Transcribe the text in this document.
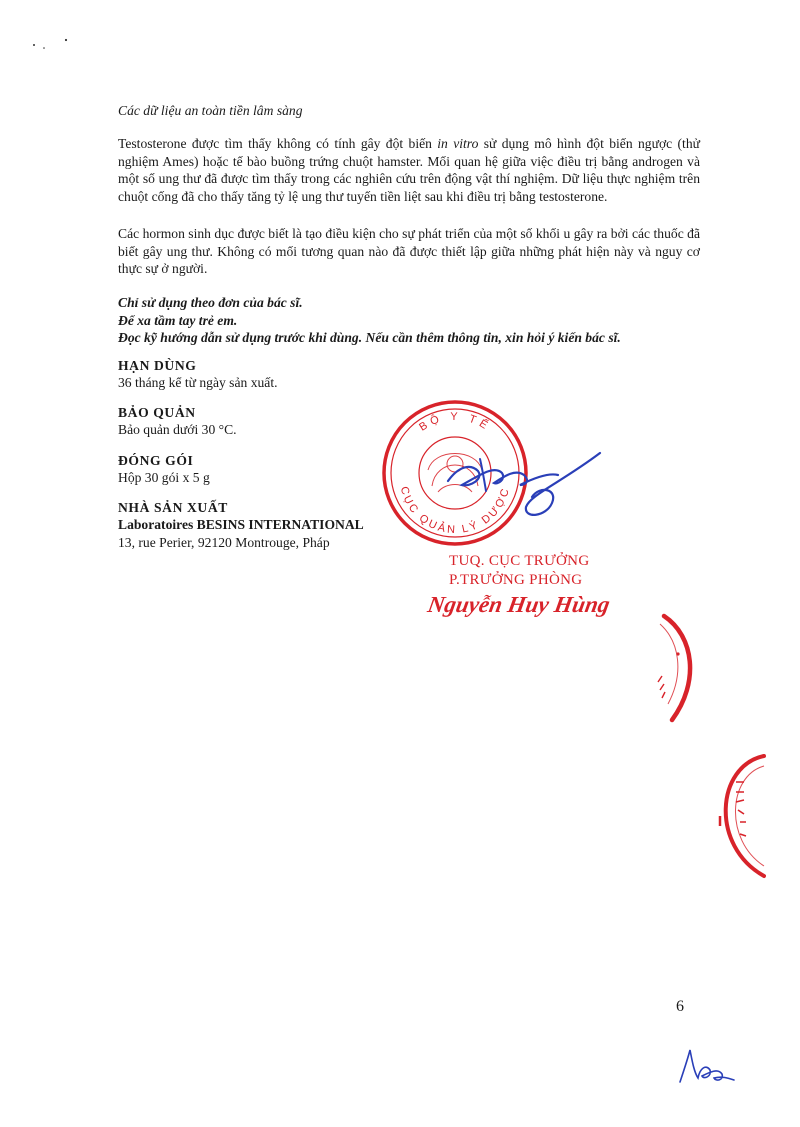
Các dữ liệu an toàn tiền lâm sàng

Testosterone được tìm thấy không có tính gây đột biến in vitro sử dụng mô hình đột biến ngược (thử nghiệm Ames) hoặc tế bào buồng trứng chuột hamster. Mối quan hệ giữa việc điều trị bằng androgen và một số ung thư đã được tìm thấy trong các nghiên cứu trên động vật thí nghiệm. Dữ liệu thực nghiệm trên chuột cống đã cho thấy tăng tỷ lệ ung thư tuyến tiền liệt sau khi điều trị bằng testosterone.

Các hormon sinh dục được biết là tạo điều kiện cho sự phát triển của một số khối u gây ra bởi các thuốc đã biết gây ung thư. Không có mối tương quan nào đã được thiết lập giữa những phát hiện này và nguy cơ thực sự ở người.

Chỉ sử dụng theo đơn của bác sĩ.
Để xa tầm tay trẻ em.
Đọc kỹ hướng dẫn sử dụng trước khi dùng. Nếu cần thêm thông tin, xin hỏi ý kiến bác sĩ.
HẠN DÙNG
36 tháng kể từ ngày sản xuất.
BẢO QUẢN
Bảo quản dưới 30 °C.
ĐÓNG GÓI
Hộp 30 gói x 5 g
NHÀ SẢN XUẤT
Laboratoires BESINS INTERNATIONAL
13, rue Perier, 92120 Montrouge, Pháp
BỘ Y TẾ
CỤC QUẢN LÝ DƯỢC
TUQ. CỤC TRƯỞNG
P.TRƯỞNG PHÒNG
Nguyễn Huy Hùng
6
